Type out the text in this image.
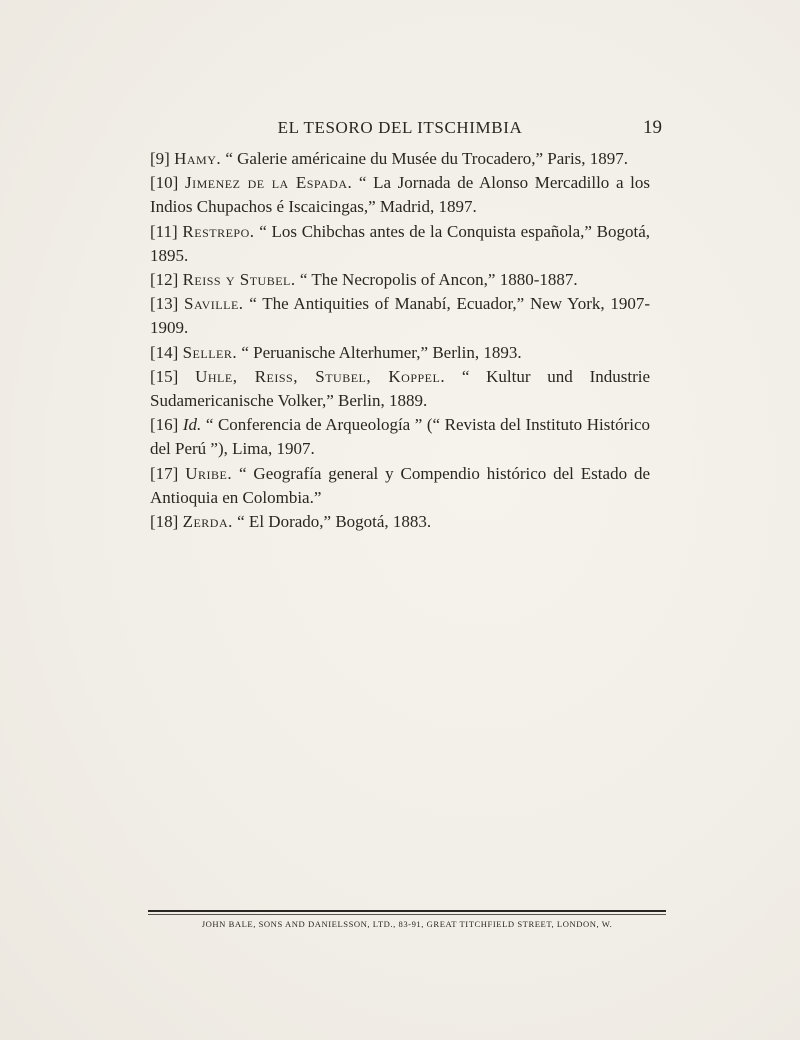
EL TESORO DEL ITSCHIMBIA	19

[9] Hamy. “ Galerie américaine du Musée du Trocadero,” Paris, 1897.

[10] Jimenez de la Espada. “ La Jornada de Alonso Mercadillo a los Indios Chupachos é Iscaicingas,” Madrid, 1897.

[11] Restrepo. “ Los Chibchas antes de la Conquista española,” Bogotá, 1895.

[12] Reiss y Stubel. “ The Necropolis of Ancon,” 1880-1887.

[13] Saville. “ The Antiquities of Manabí, Ecuador,” New York, 1907-1909.

[14] Seller. “ Peruanische Alterhumer,” Berlin, 1893.

[15] Uhle, Reiss, Stubel, Koppel. “ Kultur und Industrie Sudamericanische Volker,” Berlin, 1889.

[16] Id. “ Conferencia de Arqueología ” (“ Revista del Instituto Histórico del Perú ”), Lima, 1907.

[17] Uribe. “ Geografía general y Compendio histórico del Estado de Antioquia en Colombia.”

[18] Zerda. “ El Dorado,” Bogotá, 1883.

JOHN BALE, SONS AND DANIELSSON, LTD., 83-91, GREAT TITCHFIELD STREET, LONDON, W.
